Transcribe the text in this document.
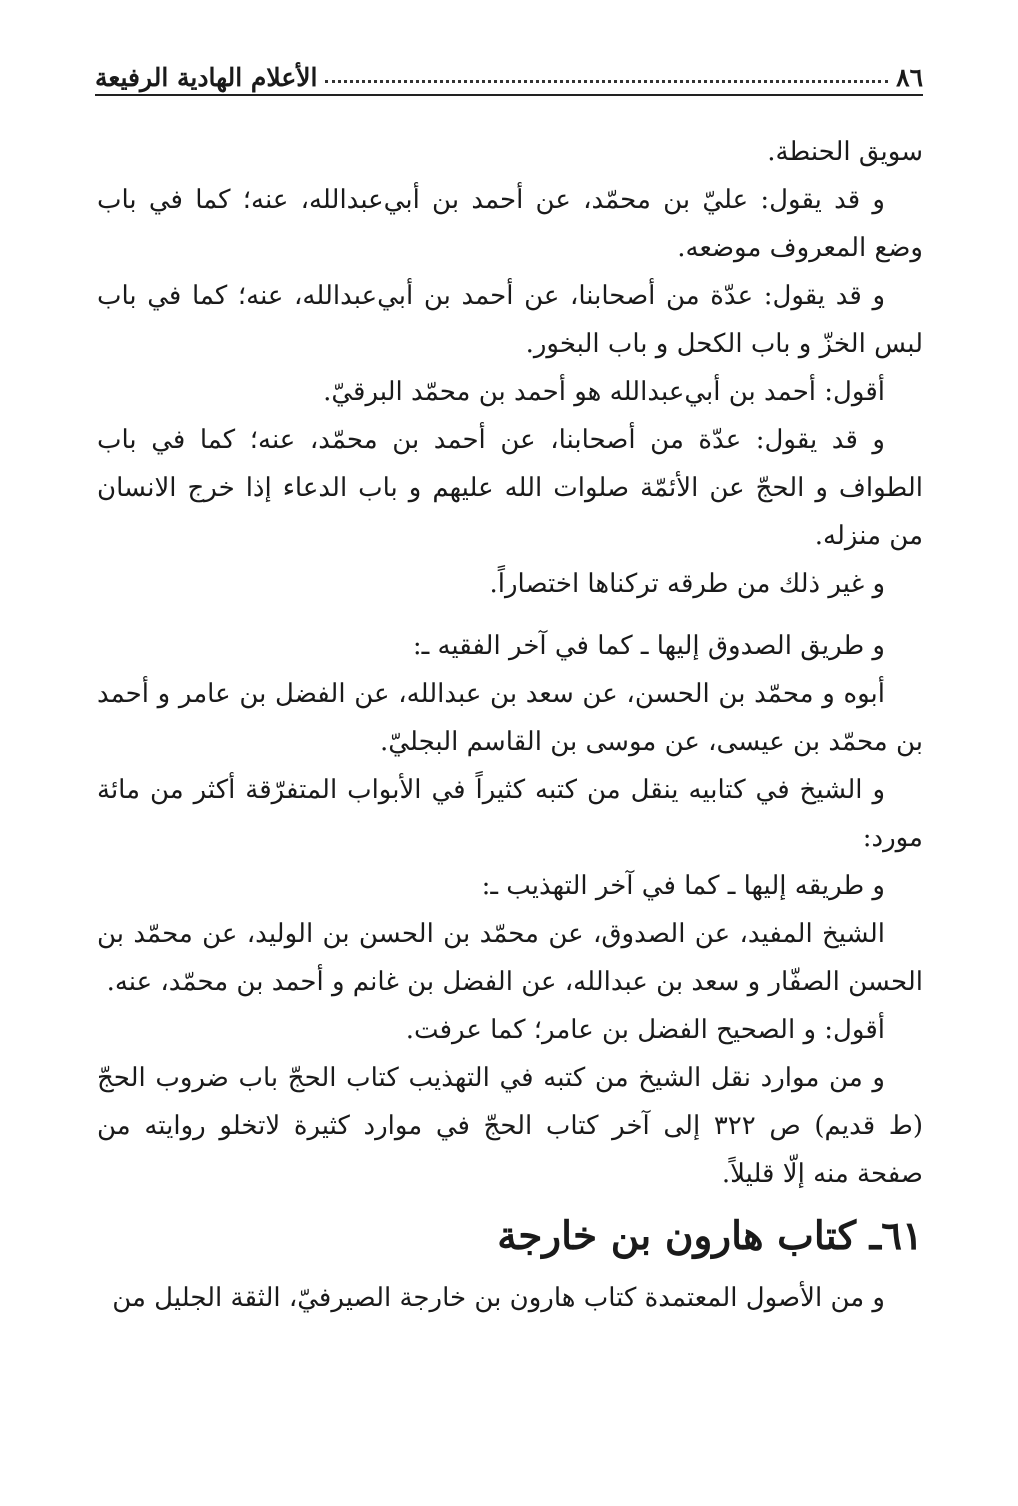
٨٦
الأعلام الهادية الرفيعة

سويق الحنطة.

و قد يقول: عليّ بن محمّد، عن أحمد بن أبي‌عبدالله، عنه؛ كما في باب وضع المعروف موضعه.

و قد يقول: عدّة من أصحابنا، عن أحمد بن أبي‌عبدالله، عنه؛ كما في باب لبس الخزّ و باب الكحل و باب البخور.

أقول: أحمد بن أبي‌عبدالله هو أحمد بن محمّد البرقيّ.

و قد يقول: عدّة من أصحابنا، عن أحمد بن محمّد، عنه؛ كما في باب الطواف و الحجّ عن الأئمّة صلوات الله عليهم و باب الدعاء إذا خرج الانسان من منزله.

و غير ذلك من طرقه تركناها اختصاراً.

و طريق الصدوق إليها ـ كما في آخر الفقيه ـ:

أبوه و محمّد بن الحسن، عن سعد بن عبدالله، عن الفضل بن عامر و أحمد بن محمّد بن عيسى، عن موسى بن القاسم البجليّ.

و الشيخ في كتابيه ينقل من كتبه كثيراً في الأبواب المتفرّقة أكثر من مائة مورد:

و طريقه إليها ـ كما في آخر التهذيب ـ:

الشيخ المفيد، عن الصدوق، عن محمّد بن الحسن بن الوليد، عن محمّد بن الحسن الصفّار و سعد بن عبدالله، عن الفضل بن غانم و أحمد بن محمّد، عنه.

أقول: و الصحيح الفضل بن عامر؛ كما عرفت.

و من موارد نقل الشيخ من كتبه في التهذيب كتاب الحجّ باب ضروب الحجّ (ط قديم) ص ٣٢٢ إلى آخر كتاب الحجّ في موارد كثيرة لاتخلو روايته من صفحة منه إلّا قليلاً.

٦١ـ كتاب هارون بن خارجة

و من الأصول المعتمدة كتاب هارون بن خارجة الصيرفيّ، الثقة الجليل من
